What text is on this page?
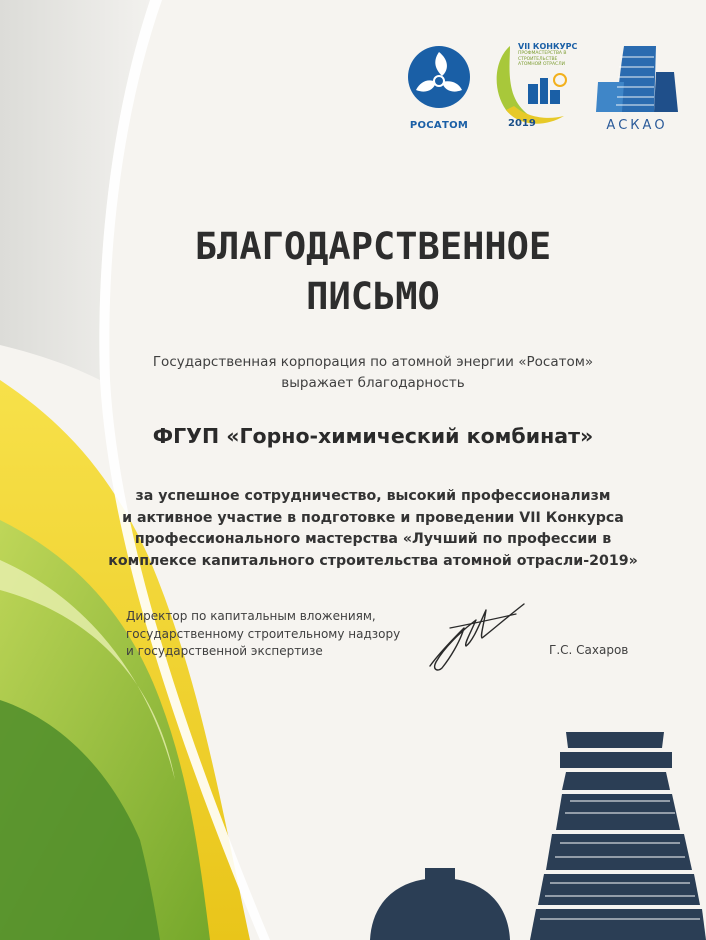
РОСАТОМ
VII КОНКУРС
ПРОФМАСТЕРСТВА В СТРОИТЕЛЬСТВЕ АТОМНОЙ ОТРАСЛИ
2019	АСКАО
БЛАГОДАРСТВЕННОЕ
ПИСЬМО
Государственная корпорация по атомной энергии «Росатом»
выражает благодарность
ФГУП «Горно-химический комбинат»
за успешное сотрудничество, высокий профессионализм
и активное участие в подготовке и проведении VII Конкурса
профессионального мастерства «Лучший по профессии в
комплексе капитального строительства атомной отрасли-2019»
Директор по капитальным вложениям,
государственному строительному надзору
и государственной экспертизе	Г.С. Сахаров
